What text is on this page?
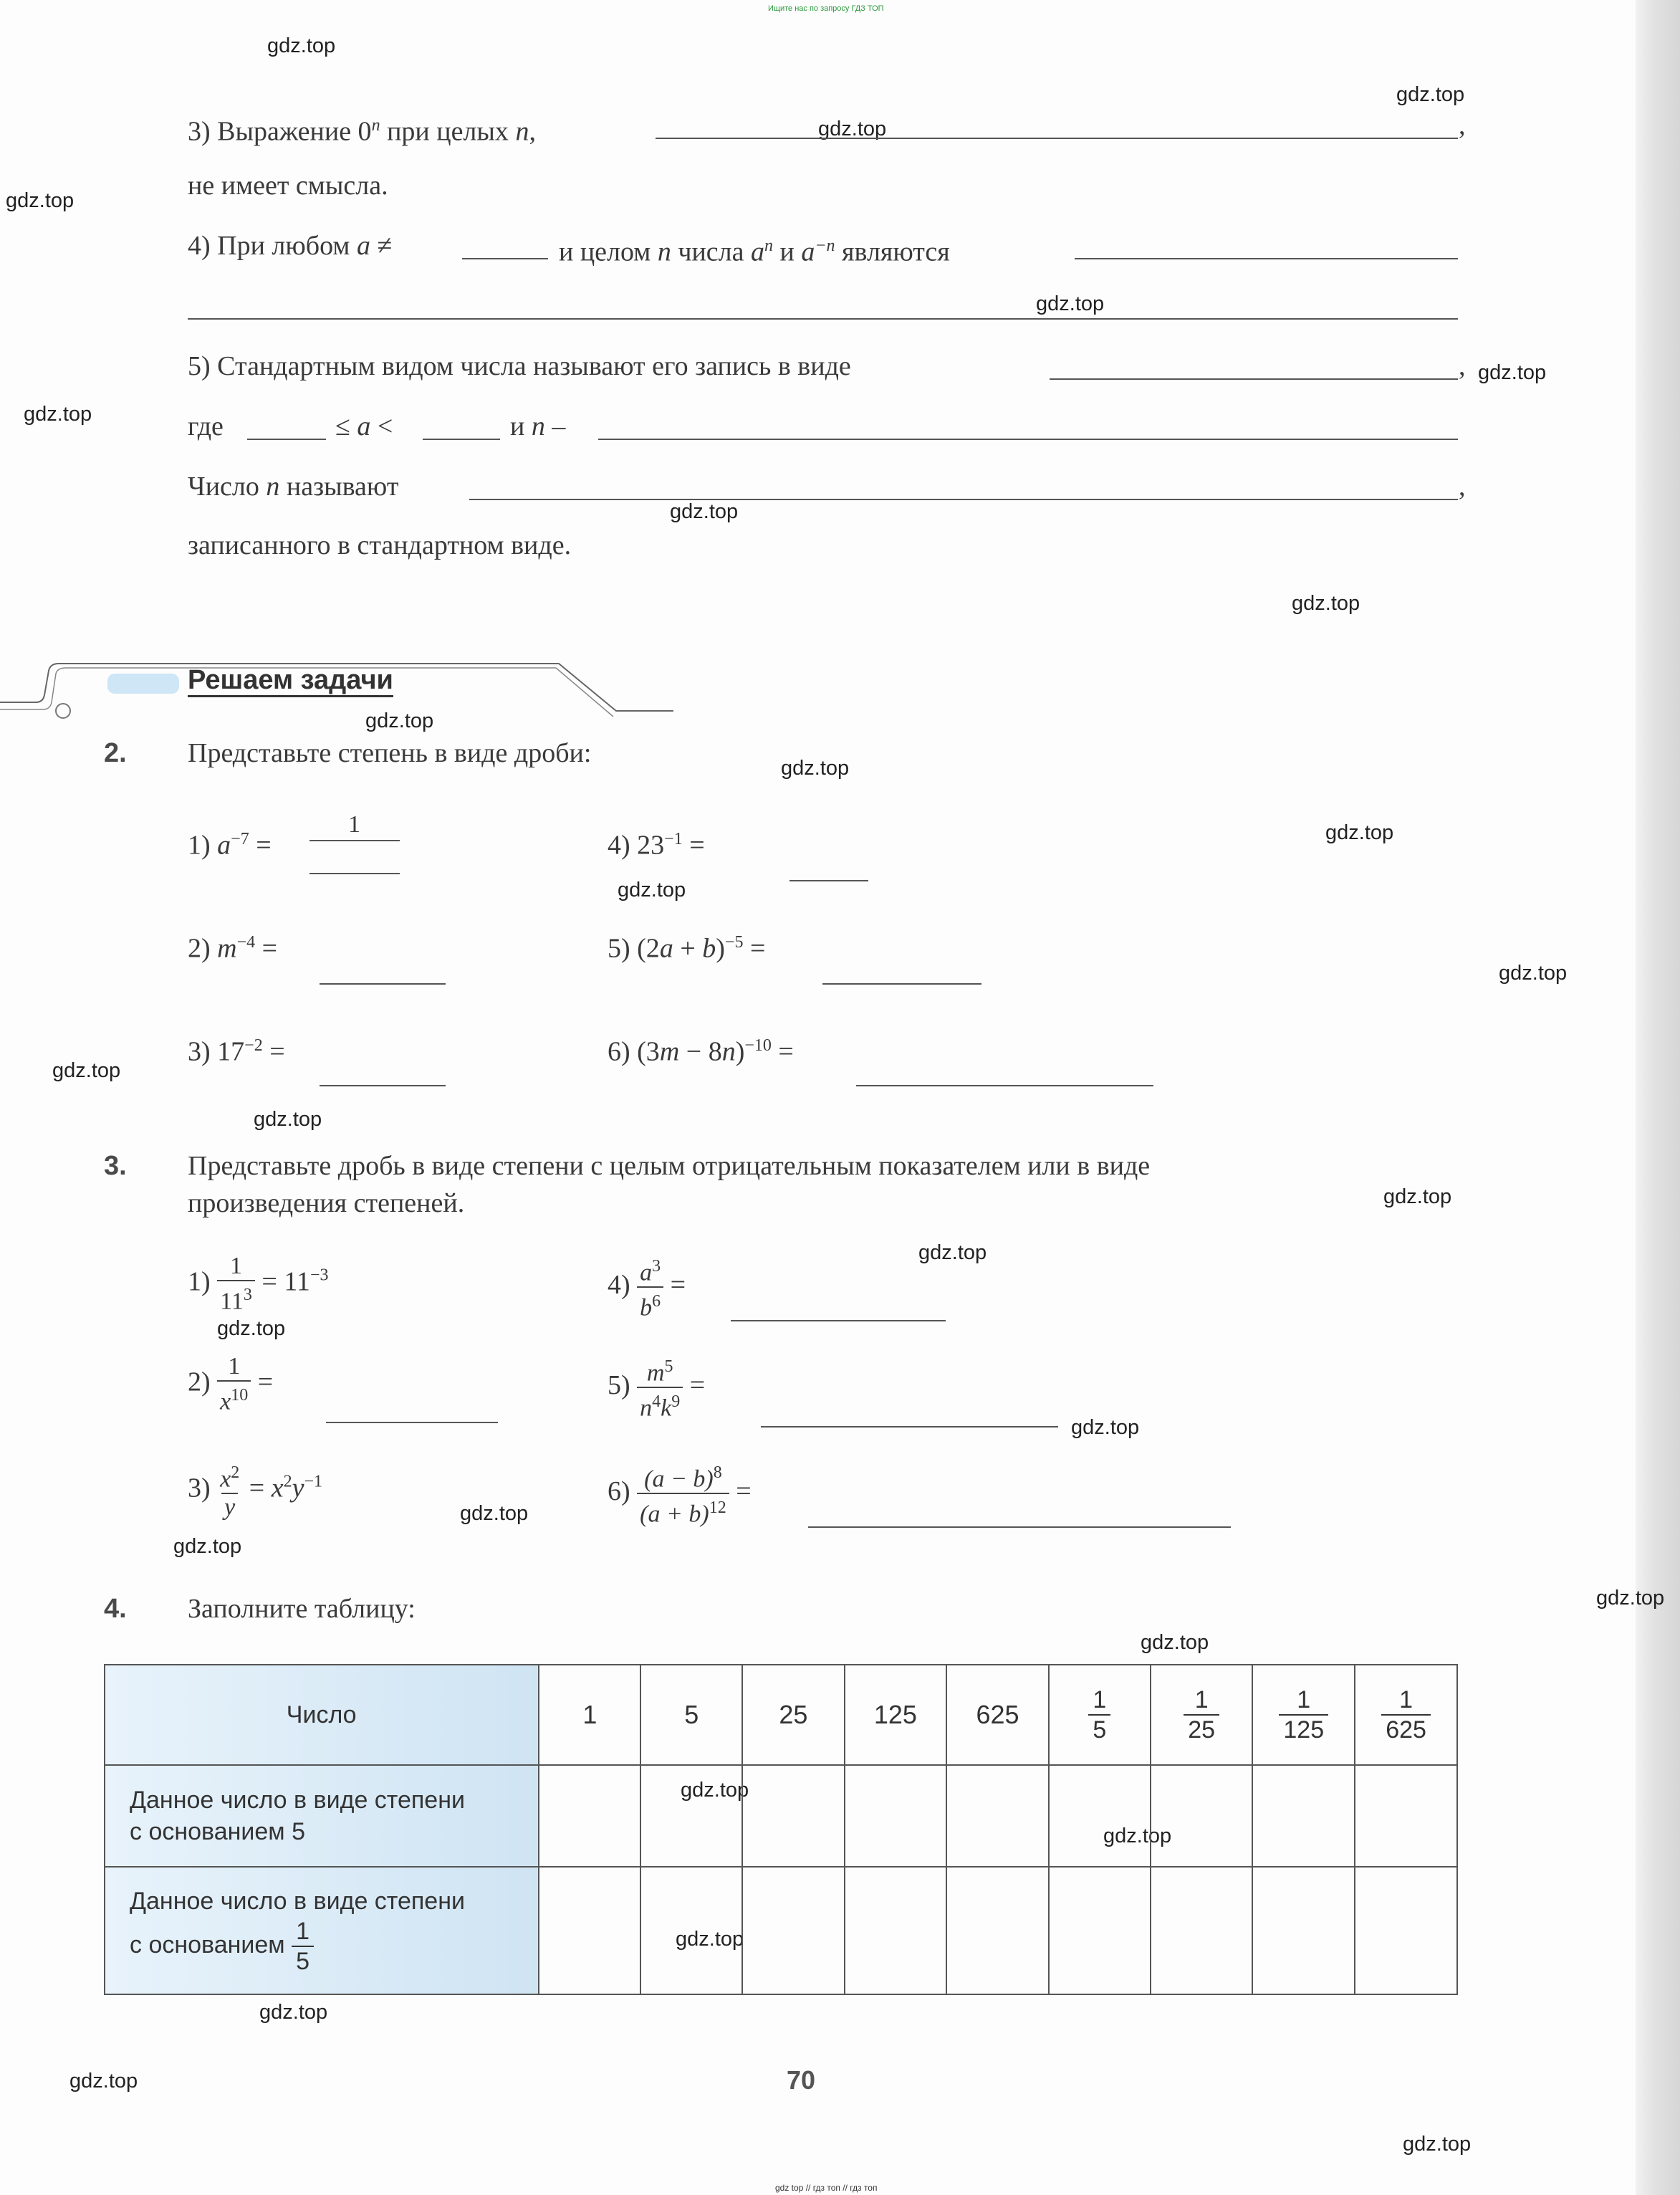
Ищите нас по запросу ГДЗ ТОП
gdz top // гдз топ // гдз топ
gdz.top
gdz.top
gdz.top
gdz.top
gdz.top
gdz.top
gdz.top
gdz.top
gdz.top
gdz.top
gdz.top
gdz.top
gdz.top
gdz.top
gdz.top
gdz.top
gdz.top
gdz.top
gdz.top
gdz.top
gdz.top
gdz.top
gdz.top
gdz.top
gdz.top
gdz.top
gdz.top
gdz.top
gdz.top
gdz.top
3) Выражение 0$^n$ при целых n,	,
не имеет смысла.
4) При любом a ≠	и целом n числа $a^n$ и $a^{-n}$ являются
5) Стандартным видом числа называют его запись в виде	,
где	≤ a <	и n –
Число n называют	,
записанного в стандартном виде.
Решаем задачи
2. Представьте степень в виде дроби:
1) $a^{-7}$ =
1
4) $23^{-1}$ =
2) $m^{-4}$ =	5) $(2a + b)^{-5}$ =
3) $17^{-2}$ =	6) $(3m - 8n)^{-10}$ =
3. Представьте дробь в виде степени с целым отрицательным показателем или в виде
произведения степеней.
$1) \frac{1}{11^3} = 11^{-3}$	$4) \frac{a^3}{b^6}$ =
$2) \frac{1}{x^{10}}$ =	$5) \frac{m^5}{n^4k^9}$ =
$3) \frac{x^2}{y} = x^2y^{-1}$	$6) \frac{(a - b)^8}{(a + b)^{12}}$ =
4. Заполните таблицу:
Число	1	5	25	125	625	$\frac{1}{5}$	$\frac{1}{25}$	$\frac{1}{125}$	$\frac{1}{625}$

Данное число в виде степени
с основанием 5									

Данное число в виде степени
с основанием $\frac{1}{5}$

70
